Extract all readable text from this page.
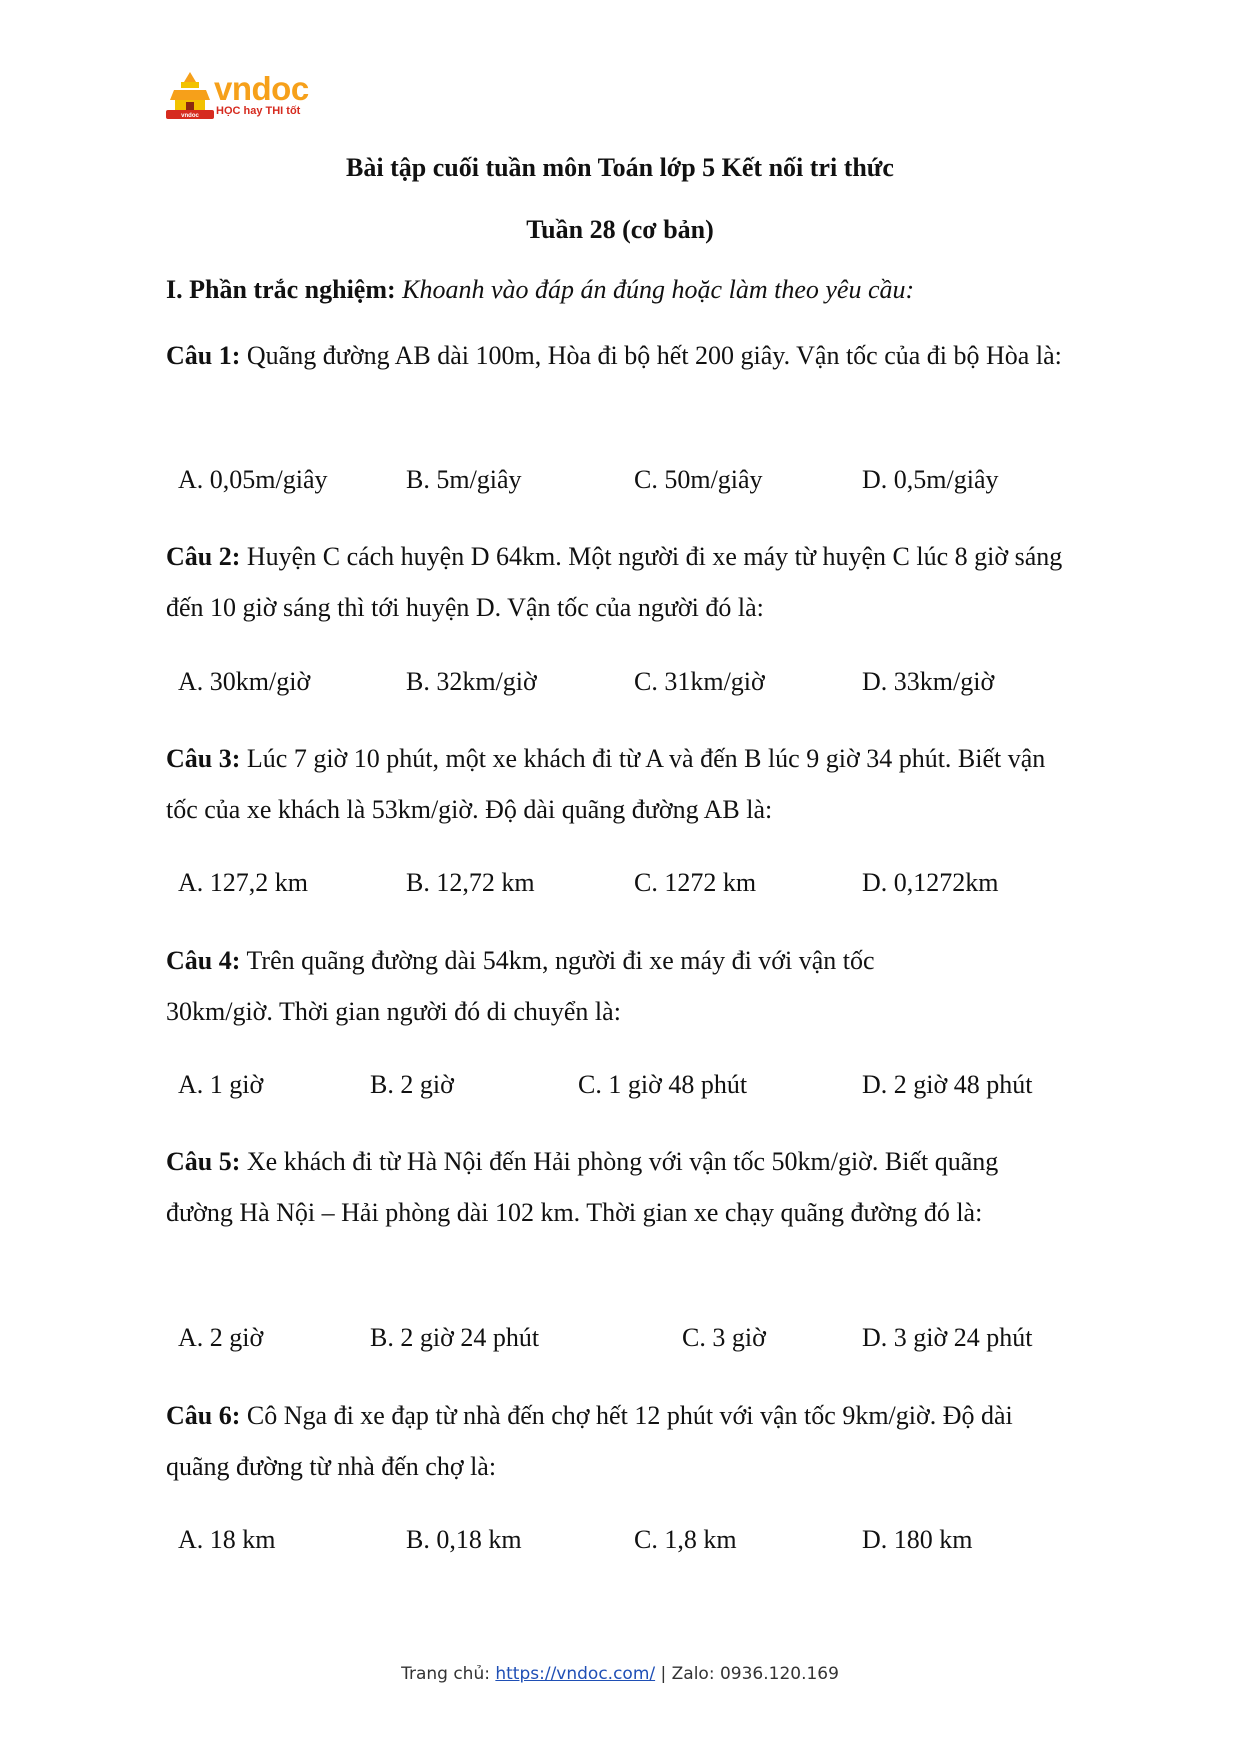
vndoc
vndoc
HỌC hay THI tốt
Bài tập cuối tuần môn Toán lớp 5 Kết nối tri thức
Tuần 28 (cơ bản)
I. Phần trắc nghiệm: Khoanh vào đáp án đúng hoặc làm theo yêu cầu:
Câu 1: Quãng đường AB dài 100m, Hòa đi bộ hết 200 giây. Vận tốc của đi bộ Hòa là:
A. 0,05m/giây	B. 5m/giây	C. 50m/giây	D. 0,5m/giây
Câu 2: Huyện C cách huyện D 64km. Một người đi xe máy từ huyện C lúc 8 giờ sáng đến 10 giờ sáng thì tới huyện D. Vận tốc của người đó là:
A. 30km/giờ	B. 32km/giờ	C. 31km/giờ	D. 33km/giờ
Câu 3: Lúc 7 giờ 10 phút, một xe khách đi từ A và đến B lúc 9 giờ 34 phút. Biết vận tốc của xe khách là 53km/giờ. Độ dài quãng đường AB là:
A. 127,2 km	B. 12,72 km	C. 1272 km	D. 0,1272km
Câu 4: Trên quãng đường dài 54km, người đi xe máy đi với vận tốc 30km/giờ. Thời gian người đó di chuyển là:
A. 1 giờ	B. 2 giờ	C. 1 giờ 48 phút	D. 2 giờ 48 phút
Câu 5: Xe khách đi từ Hà Nội đến Hải phòng với vận tốc 50km/giờ. Biết quãng đường Hà Nội – Hải phòng dài 102 km. Thời gian xe chạy quãng đường đó là:
A. 2 giờ	B. 2 giờ 24 phút	C. 3 giờ	D. 3 giờ 24 phút
Câu 6: Cô Nga đi xe đạp từ nhà đến chợ hết 12 phút với vận tốc 9km/giờ. Độ dài quãng đường từ nhà đến chợ là:
A. 18 km	B. 0,18 km	C. 1,8 km	D. 180 km
Trang chủ: https://vndoc.com/ | Zalo: 0936.120.169
